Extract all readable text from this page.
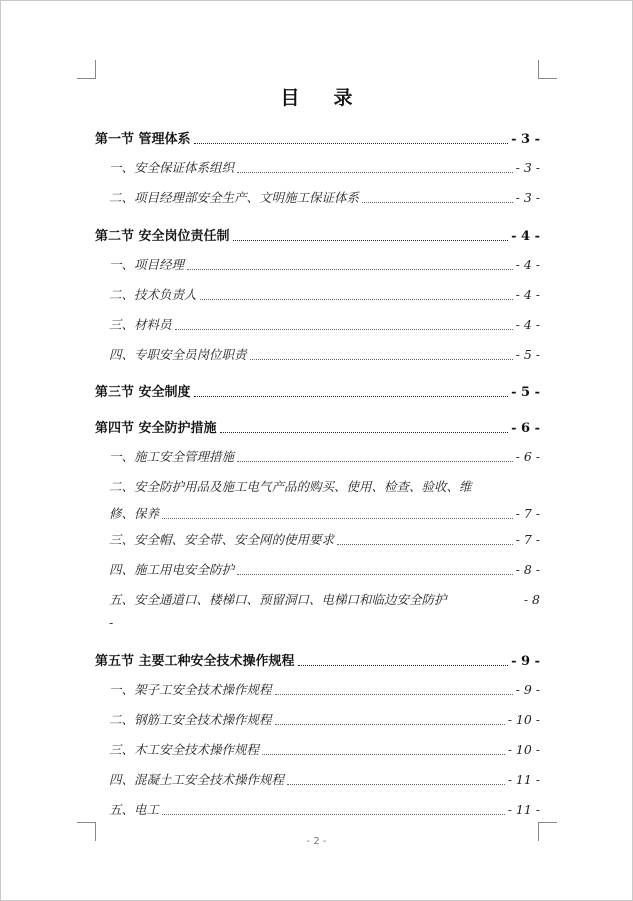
目 录
第一节 管理体系	- 3 -
一、安全保证体系组织	- 3 -
二、项目经理部安全生产、文明施工保证体系	- 3 -
第二节 安全岗位责任制	- 4 -
一、项目经理	- 4 -
二、技术负责人	- 4 -
三、材料员	- 4 -
四、专职安全员岗位职责	- 5 -
第三节 安全制度	- 5 -
第四节 安全防护措施	- 6 -
一、施工安全管理措施	- 6 -
二、安全防护用品及施工电气产品的购买、使用、检查、验收、维
修、保养	- 7 -
三、安全帽、安全带、安全网的使用要求	- 7 -
四、施工用电安全防护	- 8 -
五、安全通道口、楼梯口、预留洞口、电梯口和临边安全防护	- 8
-
第五节 主要工种安全技术操作规程	- 9 -
一、架子工安全技术操作规程	- 9 -
二、钢筋工安全技术操作规程	- 10 -
三、木工安全技术操作规程	- 10 -
四、混凝土工安全技术操作规程	- 11 -
五、电工	- 11 -
- 2 -
